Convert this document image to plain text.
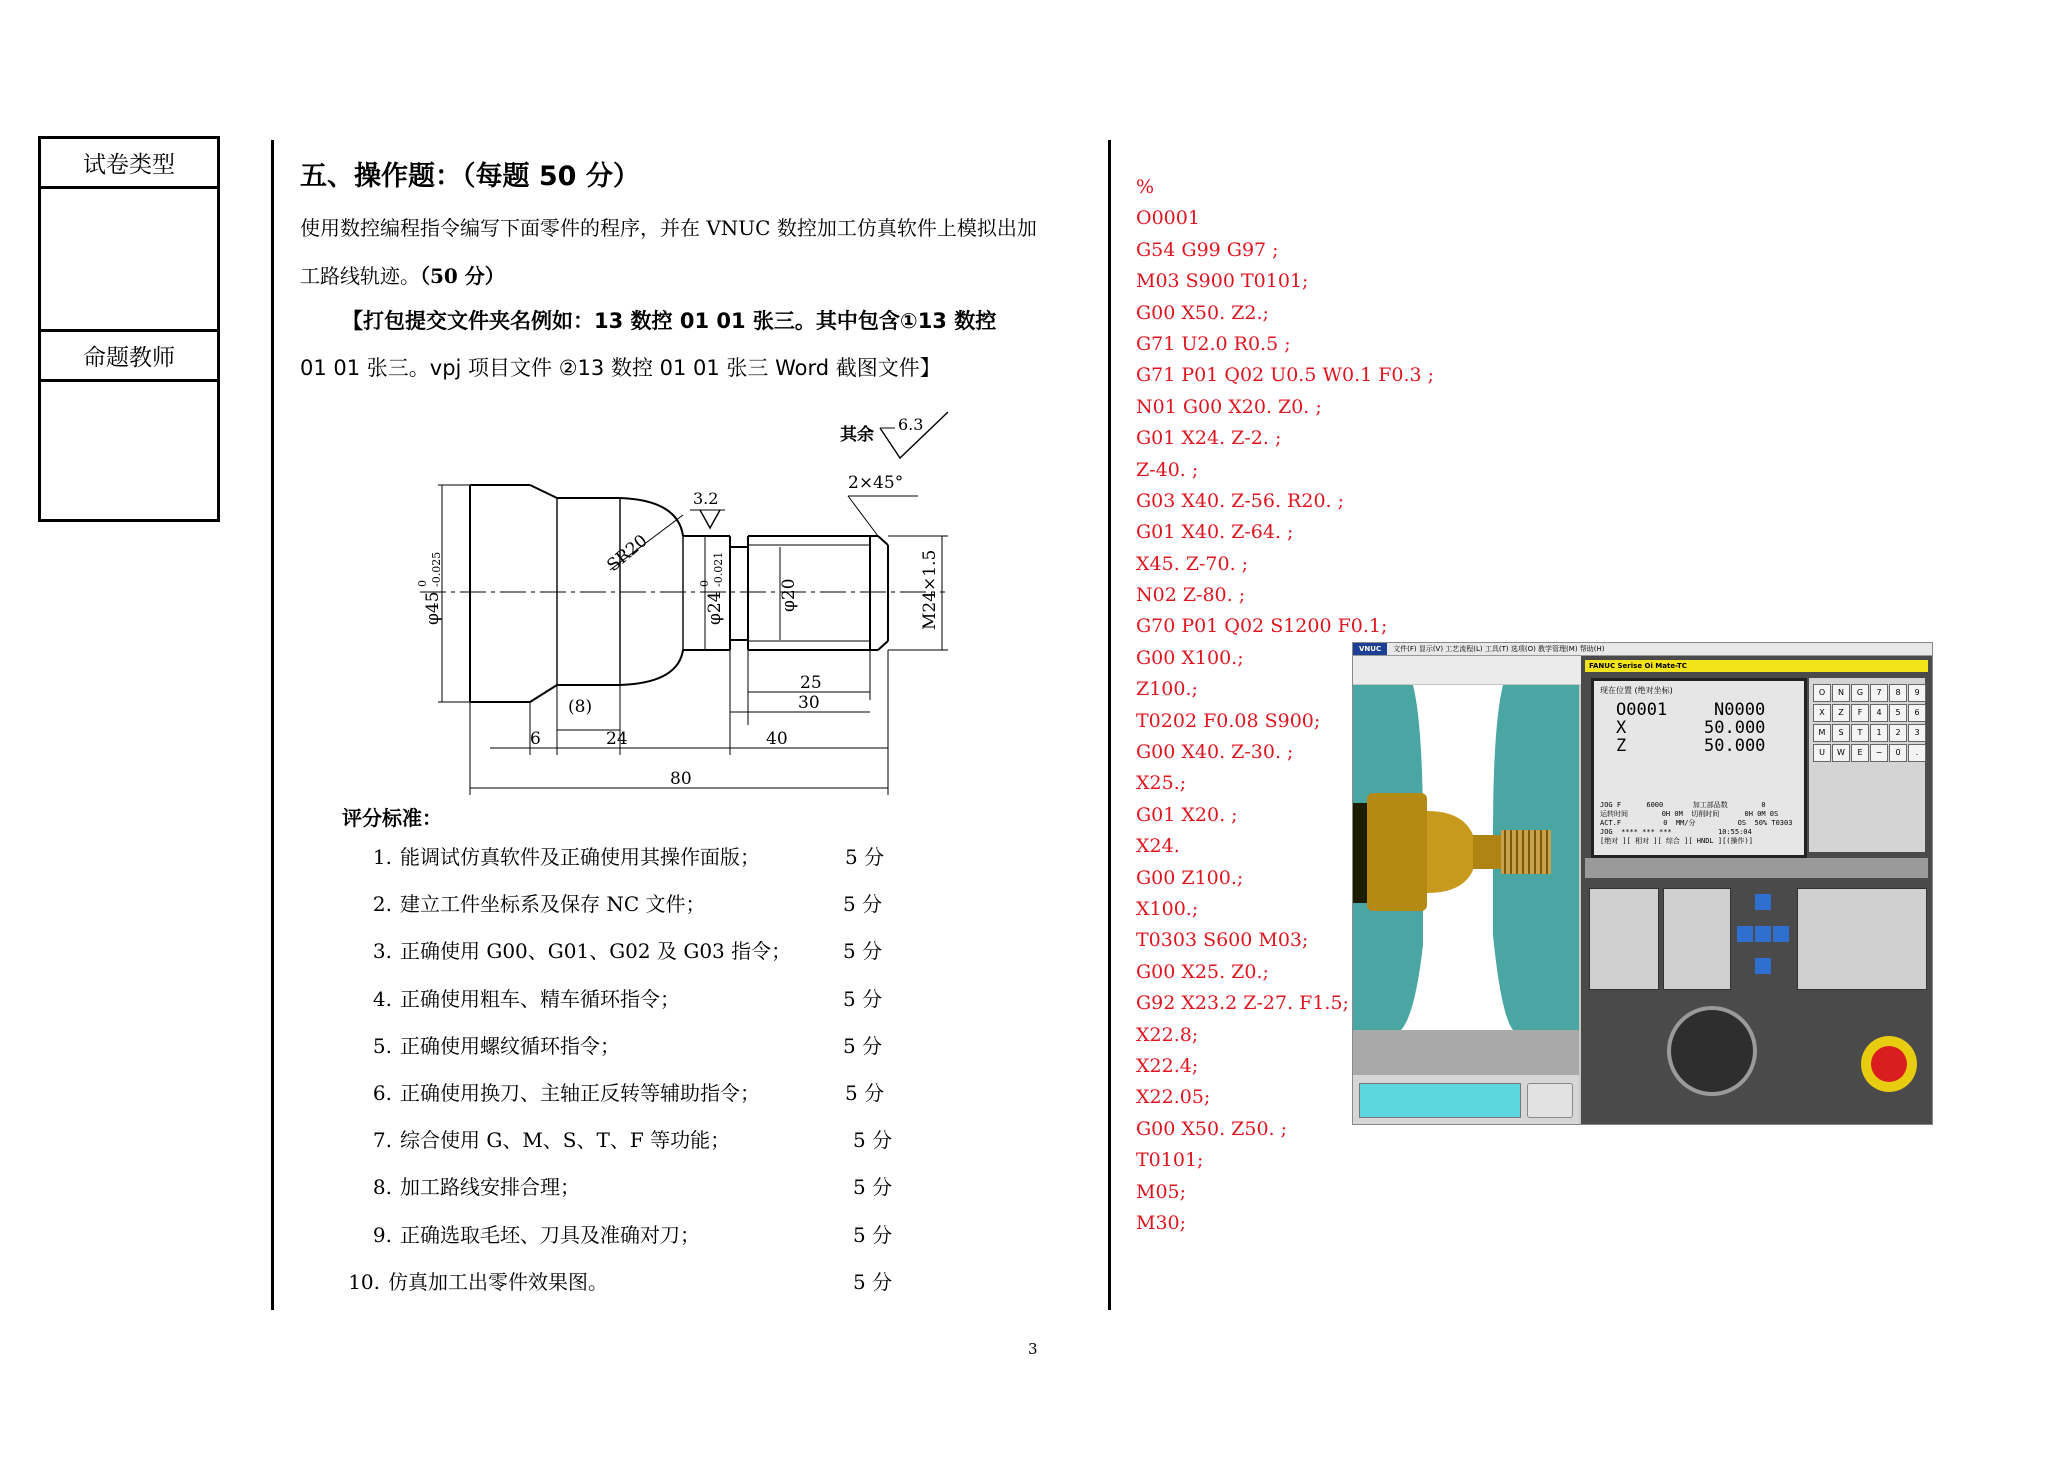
试卷类型
命题教师
五、操作题：（每题 50 分）
使用数控编程指令编写下面零件的程序，并在 VNUC 数控加工仿真软件上模拟出加
工路线轨迹。（50 分）
【打包提交文件夹名例如：13 数控 01 01 张三。其中包含①13 数控
01 01 张三。vpj 项目文件 ②13 数控 01 01 张三 Word 截图文件】
其余
6.3
2×45°
3.2
SR20
φ45
0 -0.025
φ24
0 -0.021
φ20	M24×1.5
25
30
(8)
6	24	40
80
评分标准：
1. 能调试仿真软件及正确使用其操作面版；	5 分
2. 建立工件坐标系及保存 NC 文件；	5 分
3. 正确使用 G00、G01、G02 及 G03 指令；	5 分
4. 正确使用粗车、精车循环指令；	5 分
5. 正确使用螺纹循环指令；	5 分
6. 正确使用换刀、主轴正反转等辅助指令；	5 分
7. 综合使用 G、M、S、T、F 等功能；	5 分
8. 加工路线安排合理；	5 分
9. 正确选取毛坯、刀具及准确对刀；	5 分
10. 仿真加工出零件效果图。	5 分
%
O0001
G54 G99 G97 ;
M03 S900 T0101;
G00 X50. Z2.;
G71 U2.0 R0.5 ;
G71 P01 Q02 U0.5 W0.1 F0.3 ;
N01 G00 X20. Z0. ;
G01 X24. Z-2. ;
Z-40. ;
G03 X40. Z-56. R20. ;
G01 X40. Z-64. ;
X45. Z-70. ;
N02 Z-80. ;
G70 P01 Q02 S1200 F0.1;
G00 X100.;
Z100.;
T0202 F0.08 S900;
G00 X40. Z-30. ;
X25.;
G01 X20. ;
X24.
G00 Z100.;
X100.;
T0303 S600 M03;
G00 X25. Z0.;
G92 X23.2 Z-27. F1.5;
X22.8;
X22.4;
X22.05;
G00 X50. Z50. ;
T0101;
M05;
M30;
VNUC 文件(F) 显示(V) 工艺流程(L) 工具(T) 选项(O) 教学管理(M) 帮助(H)
FANUC Serise Oi Mate-TC
现在位置 (绝对坐标)
O0001	N0000
X	50.000
Z	50.000
JOG F      6000       加工部品数        0
运转时间        0H 0M  切削时间      0H 0M 0S
ACT.F          0  MM/分          OS  50% T0303
JOG  **** *** ***           10:55:04
[绝对 ][ 相对 ][ 综合 ][ HNDL ][(操作)]
O	N	G	7	8	9
X	Z	F	4	5	6
M	S	T	1	2	3
U	W	E	−	0	.
3
